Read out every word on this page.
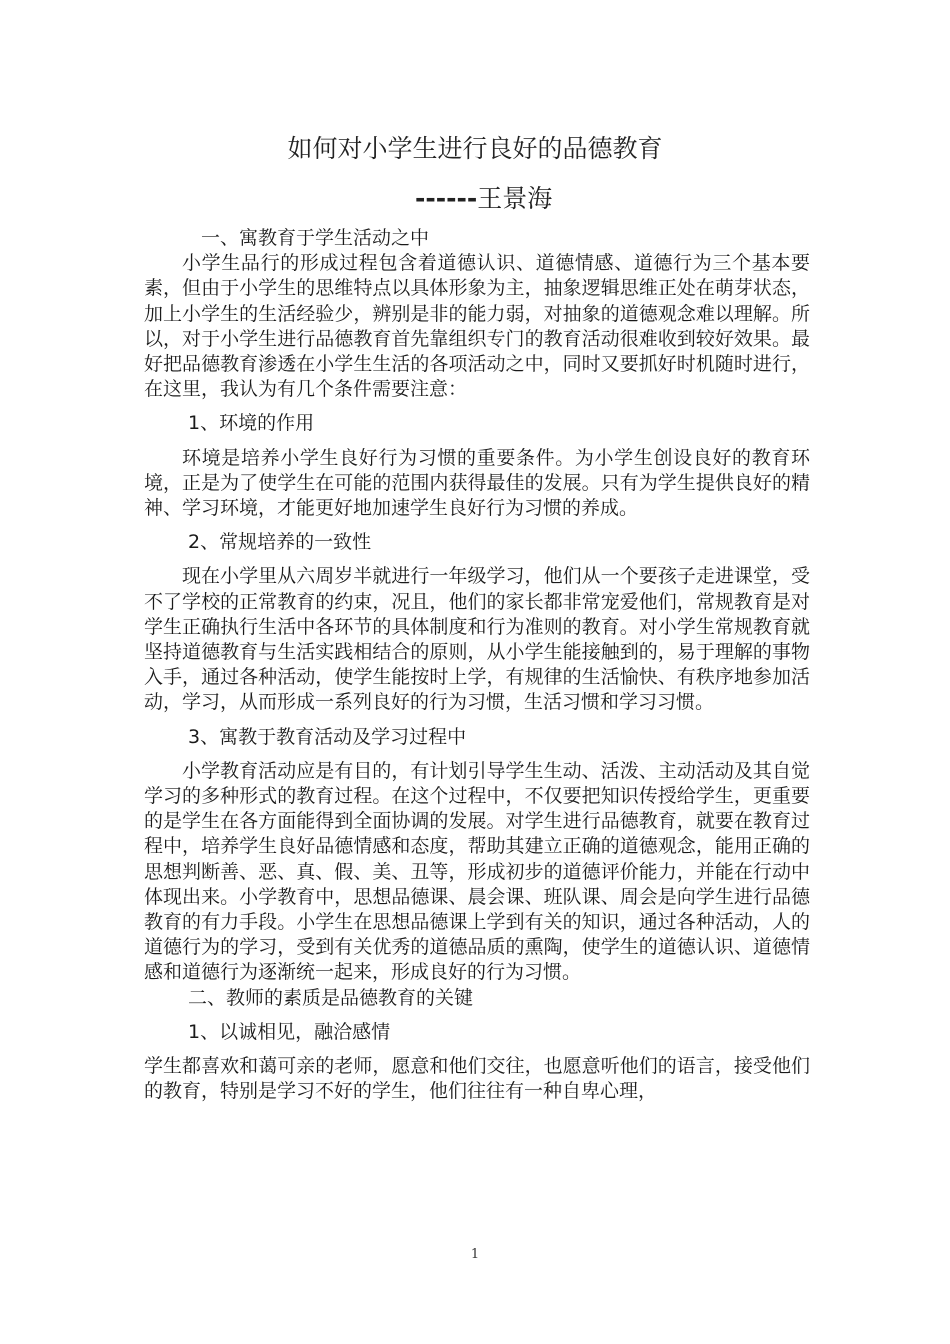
如何对小学生进行良好的品德教育
------王景海

一、寓教育于学生活动之中

小学生品行的形成过程包含着道德认识、道德情感、道德行为三个基本要素，但由于小学生的思维特点以具体形象为主，抽象逻辑思维正处在萌芽状态，加上小学生的生活经验少，辨别是非的能力弱，对抽象的道德观念难以理解。所以，对于小学生进行品德教育首先靠组织专门的教育活动很难收到较好效果。最好把品德教育渗透在小学生生活的各项活动之中，同时又要抓好时机随时进行，在这里，我认为有几个条件需要注意：

1、环境的作用

环境是培养小学生良好行为习惯的重要条件。为小学生创设良好的教育环境，正是为了使学生在可能的范围内获得最佳的发展。只有为学生提供良好的精神、学习环境，才能更好地加速学生良好行为习惯的养成。

2、常规培养的一致性

现在小学里从六周岁半就进行一年级学习，他们从一个要孩子走进课堂，受不了学校的正常教育的约束，况且，他们的家长都非常宠爱他们，常规教育是对学生正确执行生活中各环节的具体制度和行为准则的教育。对小学生常规教育就坚持道德教育与生活实践相结合的原则，从小学生能接触到的，易于理解的事物入手，通过各种活动，使学生能按时上学，有规律的生活愉快、有秩序地参加活动，学习，从而形成一系列良好的行为习惯，生活习惯和学习习惯。

3、寓教于教育活动及学习过程中

小学教育活动应是有目的，有计划引导学生生动、活泼、主动活动及其自觉学习的多种形式的教育过程。在这个过程中，不仅要把知识传授给学生，更重要的是学生在各方面能得到全面协调的发展。对学生进行品德教育，就要在教育过程中，培养学生良好品德情感和态度，帮助其建立正确的道德观念，能用正确的思想判断善、恶、真、假、美、丑等，形成初步的道德评价能力，并能在行动中体现出来。小学教育中，思想品德课、晨会课、班队课、周会是向学生进行品德教育的有力手段。小学生在思想品德课上学到有关的知识，通过各种活动，人的道德行为的学习，受到有关优秀的道德品质的熏陶，使学生的道德认识、道德情感和道德行为逐渐统一起来，形成良好的行为习惯。

二、教师的素质是品德教育的关键

1、以诚相见，融洽感情

学生都喜欢和蔼可亲的老师，愿意和他们交往，也愿意听他们的语言，接受他们的教育，特别是学习不好的学生，他们往往有一种自卑心理，

1
